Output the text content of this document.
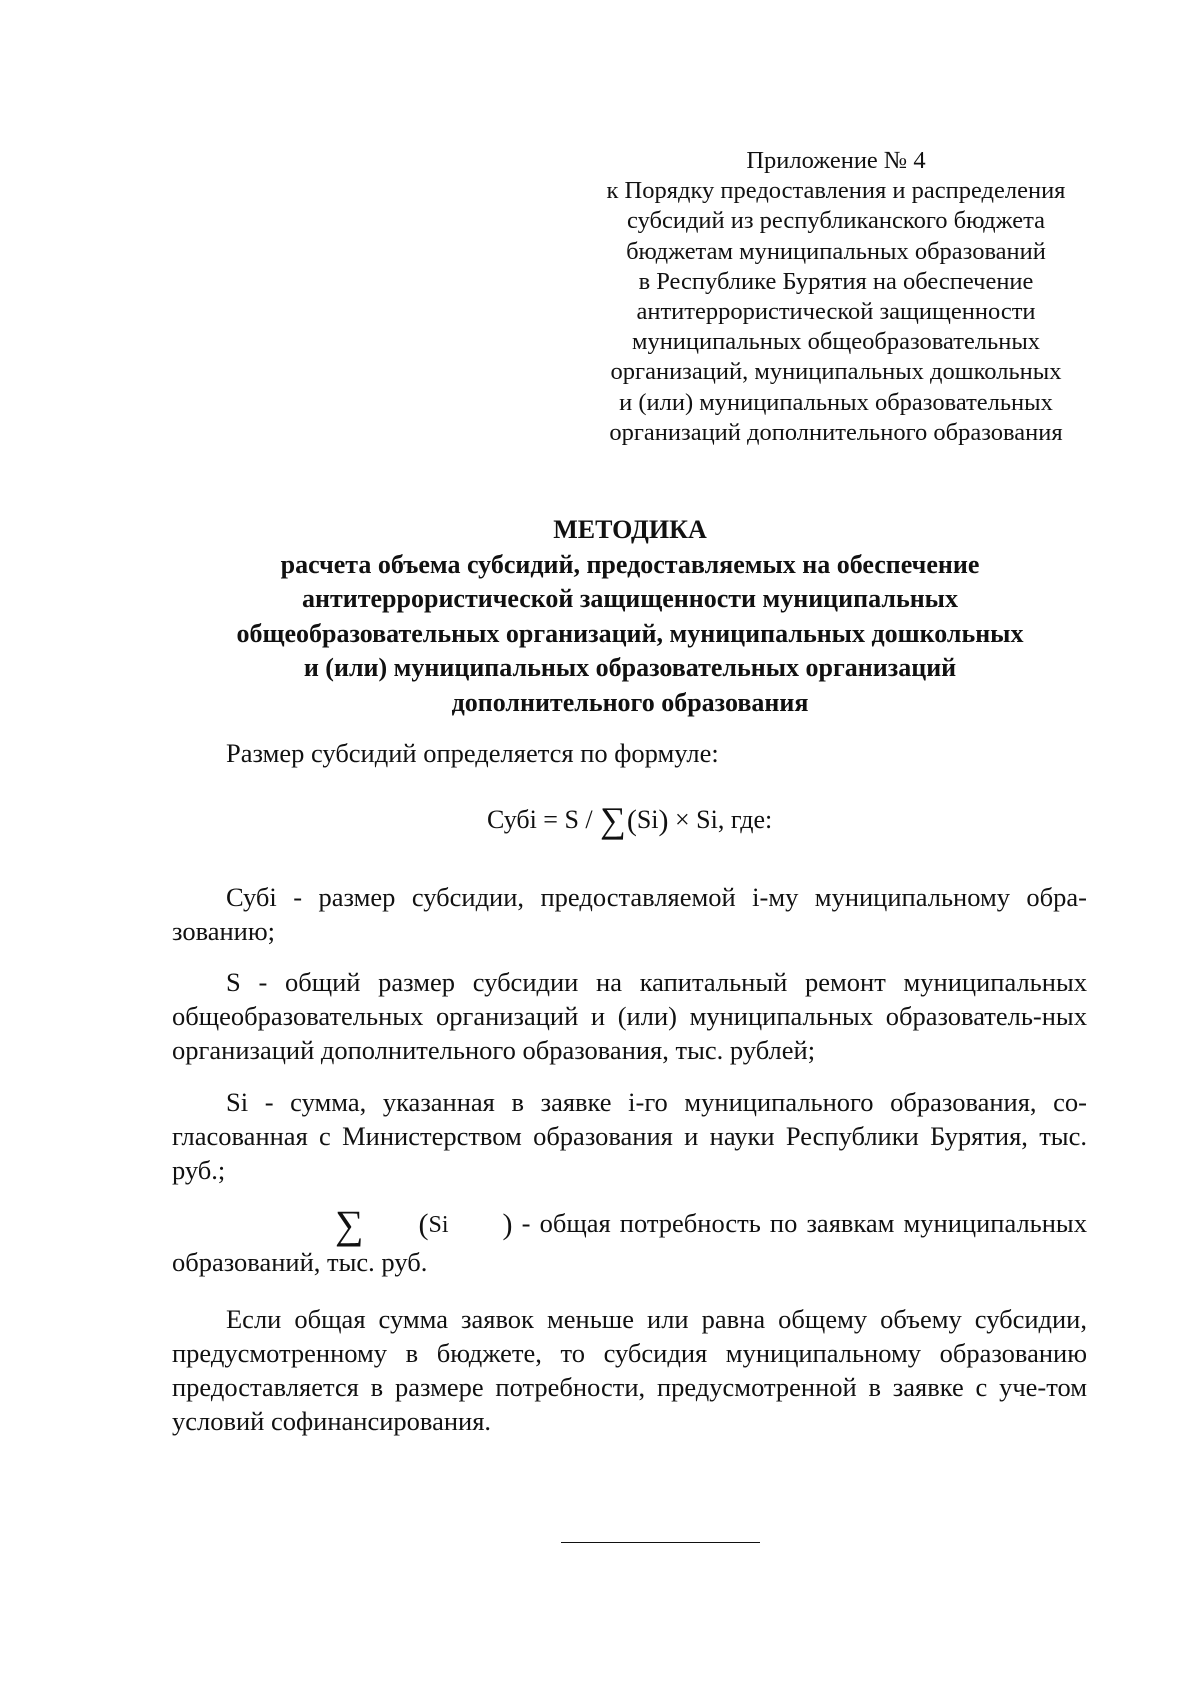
Приложение № 4
к Порядку предоставления и распределения
субсидий из республиканского бюджета
бюджетам муниципальных образований
в Республике Бурятия на обеспечение
антитеррористической защищенности
муниципальных общеобразовательных
организаций, муниципальных дошкольных
и (или) муниципальных образовательных
организаций дополнительного образования
МЕТОДИКА
расчета объема субсидий, предоставляемых на обеспечение
антитеррористической защищенности муниципальных
общеобразовательных организаций, муниципальных дошкольных
и (или) муниципальных образовательных организаций
дополнительного образования
Размер субсидий определяется по формуле:
Субi = S / ∑(Si) × Si, где:
Субi - размер субсидии, предоставляемой i-му муниципальному обра-зованию;
S - общий размер субсидии на капитальный ремонт муниципальных общеобразовательных организаций и (или) муниципальных образователь-ных организаций дополнительного образования, тыс. рублей;
Si - сумма, указанная в заявке i-го муниципального образования, со-гласованная с Министерством образования и науки Республики Бурятия, тыс. руб.;
∑ (Si ) - общая потребность по заявкам муниципальных образований, тыс. руб.
Если общая сумма заявок меньше или равна общему объему субсидии, предусмотренному в бюджете, то субсидия муниципальному образованию предоставляется в размере потребности, предусмотренной в заявке с уче-том условий софинансирования.
